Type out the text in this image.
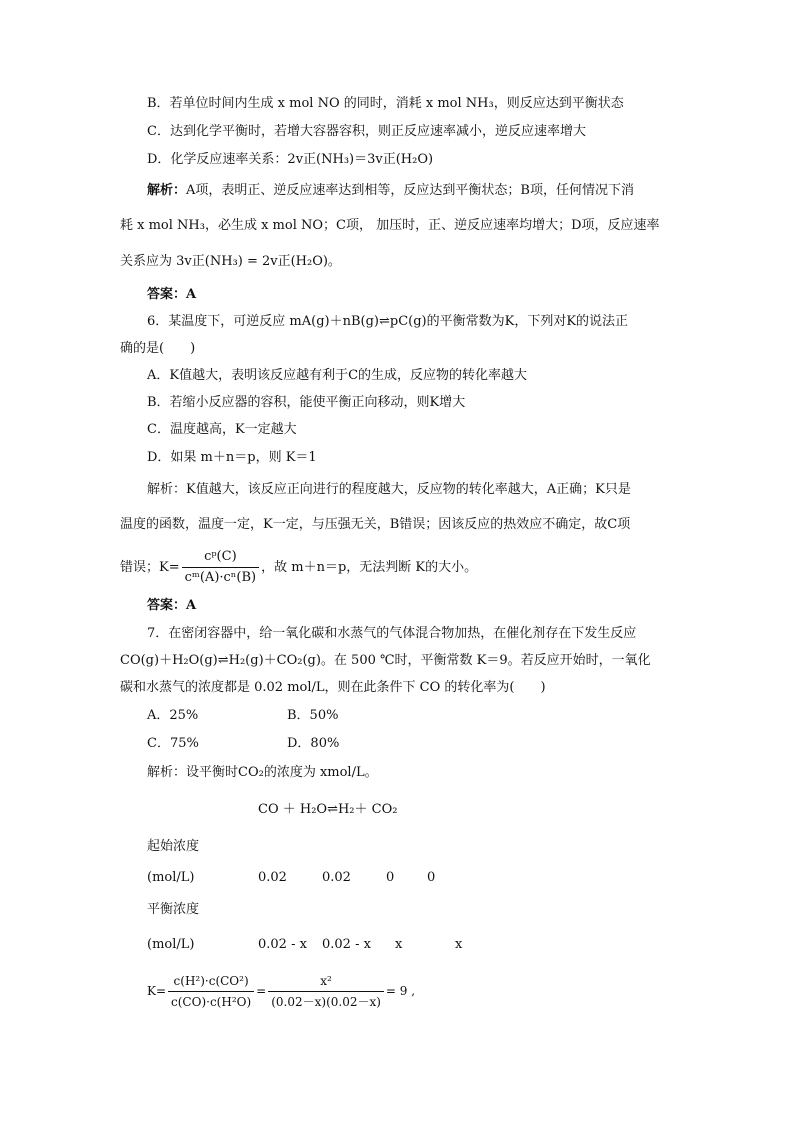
B．若单位时间内生成 x mol NO 的同时，消耗 x mol NH₃，则反应达到平衡状态
C．达到化学平衡时，若增大容器容积，则正反应速率减小，逆反应速率增大
D．化学反应速率关系：2v正(NH₃)＝3v正(H₂O)
解析：A项，表明正、逆反应速率达到相等，反应达到平衡状态；B项，任何情况下消
耗 x mol NH₃，必生成 x mol NO；C项， 加压时，正、逆反应速率均增大；D项，反应速率
关系应为 3v正(NH₃) = 2v正(H₂O)。
答案：A
6．某温度下，可逆反应 mA(g)＋nB(g)⇌pC(g)的平衡常数为K，下列对K的说法正
确的是(　　)
A．K值越大，表明该反应越有利于C的生成，反应物的转化率越大
B．若缩小反应器的容积，能使平衡正向移动，则K增大
C．温度越高，K一定越大
D．如果 m＋n＝p，则 K＝1
解析：K值越大，该反应正向进行的程度越大，反应物的转化率越大，A正确；K只是
温度的函数，温度一定，K一定，与压强无关，B错误；因该反应的热效应不确定，故C项
错误；$K= \frac{\text{cᵖ(C)}}{\text{cᵐ(A)·cⁿ(B)}}$ ，故 m＋n＝p，无法判断 K的大小。
答案：A
7．在密闭容器中，给一氧化碳和水蒸气的气体混合物加热，在催化剂存在下发生反应
CO(g)＋H₂O(g)⇌H₂(g)＋CO₂(g)。在 500 ℃时，平衡常数 K＝9。若反应开始时，一氧化
碳和水蒸气的浓度都是 0.02 mol/L，则在此条件下 CO 的转化率为(　　)
A．25%	B．50%
C．75%	D．80%
解析：设平衡时CO₂的浓度为 xmol/L。
CO ＋ H₂O⇌H₂＋ CO₂
起始浓度
(mol/L)	0.02	0.02	0	0
平衡浓度
(mol/L)	0.02 - x 0.02 - x x	x
$K= \frac{\text{c(H²)·c(CO²)}}{\text{c(CO)·c(H²O)}} = \frac{\text{x²}}{(0.02-x)(0.02-x)} = 9$ ,
